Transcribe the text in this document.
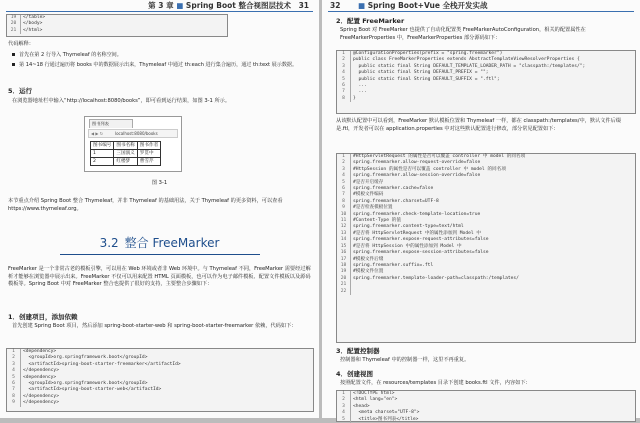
第 3 章 ■ Spring Boot 整合视图层技术 31
19
20
21
</table>
</body>
</html>
代码解释：
首先在第 2 行导入 Thymeleaf 的名称空间。
第 14~18 行通过遍历将 books 中的数据展示出来，Thymeleaf 中通过 th:each 进行集合遍历，通过 th:text 展示数据。
5．运行
在浏览器地址栏中输入“http://localhost:8080/books”，即可看到运行结果，如图 3-1 所示。
图书列表
◀ ▶ ↻	localhost:8080/books
图书编号	图书名称	图书作者
1	三国演义	罗贯中
2	红楼梦	曹雪芹
图 3-1
本节重点介绍 Spring Boot 整合 Thymeleaf，并非 Thymeleaf 的基础用法，关于 Thymeleaf 的更多资料，可以查看 https://www.thymeleaf.org。
3.2 整合 FreeMarker
FreeMarker 是一个非常古老的模板引擎，可以用在 Web 环境或者非 Web 环境中。与 Thymeleaf 不同，FreeMarker 需要经过解析才能够在浏览器中展示出来。FreeMarker 不仅可以用来配置 HTML 页面模板，也可以作为电子邮件模板、配置文件模板以及源码模板等。Spring Boot 中对 FreeMarker 整合也提供了很好的支持，主要整合步骤如下：
1．创建项目，添加依赖
首先创建 Spring Boot 项目，然后添加 spring-boot-starter-web 和 spring-boot-starter-freemarker 依赖，代码如下：
1
2
3
4
5
6
7
8
9
<dependency>
<groupId>org.springframework.boot</groupId>
<artifactId>spring-boot-starter-freemarker</artifactId>
</dependency>
<dependency>
<groupId>org.springframework.boot</groupId>
<artifactId>spring-boot-starter-web</artifactId>
</dependency>
</dependency>
32 ■ Spring Boot+Vue 全栈开发实战
2．配置 FreeMarker
Spring Boot 对 FreeMarker 也提供了自动化配置类 FreeMarkerAutoConfiguration，相关的配置属性在 FreeMarkerProperties 中，FreeMarkerProperties 部分源码如下：
1
2
3
4
5
6
7
8
@ConfigurationProperties(prefix = "spring.freemarker")
public class FreeMarkerProperties extends AbstractTemplateViewResolverProperties {
public static final String DEFAULT_TEMPLATE_LOADER_PATH = "classpath:/templates/";
public static final String DEFAULT_PREFIX = "";
public static final String DEFAULT_SUFFIX = ".ftl";
...
...
}
从该默认配置中可以看到，FreeMarker 默认模板位置和 Thymeleaf 一样，都在 classpath:/templates/中，默认文件后缀是.ftl，开发者可以在 application.properties 中对这些默认配置进行修改，部分常见配置如下：
1
2
3
4
5
6
7
8
9
10
11
12
13
14
15
16
17
18
19
20
21
22
#HttpServletRequest 的属性是否可以覆盖 controller 中 model 的同名项
spring.freemarker.allow-request-override=false
#HttpSession 的属性是否可以覆盖 controller 中 model 的同名项
spring.freemarker.allow-session-override=false
#是否开启缓存
spring.freemarker.cache=false
#模板文件编码
spring.freemarker.charset=UTF-8
#是否检查模板位置
spring.freemarker.check-template-location=true
#Content-Type 的值
spring.freemarker.content-type=text/html
#是否将 HttpServletRequest 中的属性添加到 Model 中
spring.freemarker.expose-request-attributes=false
#是否将 HttpSession 中的属性添加到 Model 中
spring.freemarker.expose-session-attributes=false
#模板文件后缀
spring.freemarker.suffix=.ftl
#模板文件位置
spring.freemarker.template-loader-path=classpath:/templates/

3．配置控制器
控制器和 Thymeleaf 中的控制器一样，这里不再重复。
4．创建视图
按照配置文件，在 resources/templates 目录下创建 books.ftl 文件，内容如下：
1
2
3
4
5
<!DOCTYPE html>
<html lang="en">
<head>
<meta charset="UTF-8">
<title>图书列表</title>
